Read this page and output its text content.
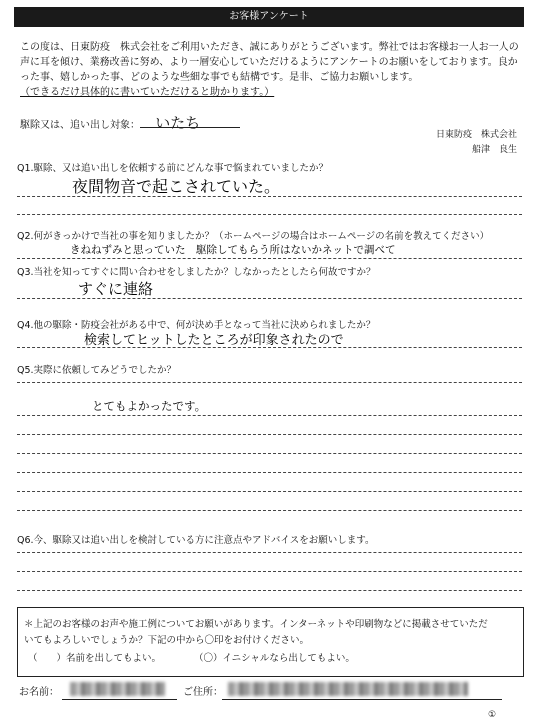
お客様アンケート
この度は、日東防疫　株式会社をご利用いただき、誠にありがとうございます。弊社ではお客様お一人お一人の
声に耳を傾け、業務改善に努め、より一層安心していただけるようにアンケートのお願いをしております。良か
った事、嬉しかった事、どのような些細な事でも結構です。是非、ご協力お願いします。
（できるだけ具体的に書いていただけると助かります。）
駆除又は、追い出し対象： いたち
日東防疫　株式会社
船津　良生
Q1.駆除、又は追い出しを依頼する前にどんな事で悩まれていましたか？
夜間物音で起こされていた。
Q2.何がきっかけで当社の事を知りましたか？（ホームページの場合はホームページの名前を教えてください）
きねねずみと思っていた　駆除してもらう所はないかネットで調べて
Q3.当社を知ってすぐに問い合わせをしましたか？しなかったとしたら何故ですか？
すぐに連絡
Q4.他の駆除・防疫会社がある中で、何が決め手となって当社に決められましたか？
検索してヒットしたところが印象されたので
Q5.実際に依頼してみどうでしたか？
とてもよかったです。
Q6.今、駆除又は追い出しを検討している方に注意点やアドバイスをお願いします。
＊上記のお客様のお声や施工例についてお願いがあります。インターネットや印刷物などに掲載させていただ
いてもよろしいでしょうか？下記の中から〇印をお付けください。
（　　）名前を出してもよい。	（〇）イニシャルなら出してもよい。
お名前：	ご住所：
①
